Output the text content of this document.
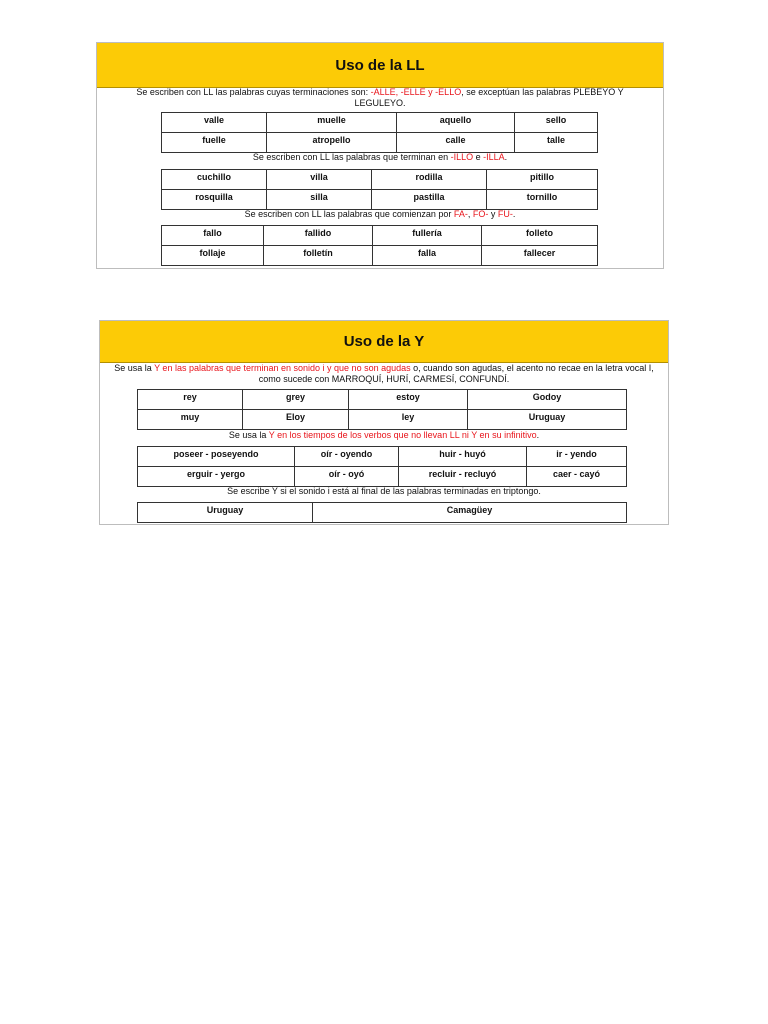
Uso de la LL

Se escriben con LL las palabras cuyas terminaciones son: -ALLE, -ELLE y -ELLO, se exceptúan las palabras PLEBEYO Y LEGULEYO.

valle	muelle	aquello	sello
fuelle	atropello	calle	talle

Se escriben con LL las palabras que terminan en -ILLO e -ILLA.

cuchillo	villa	rodilla	pitillo
rosquilla	silla	pastilla	tornillo

Se escriben con LL las palabras que comienzan por FA-, FO- y FU-.

fallo	fallido	fullería	folleto
follaje	folletín	falla	fallecer
Uso de la Y

Se usa la Y en las palabras que terminan en sonido i y que no son agudas o, cuando son agudas, el acento no recae en la letra vocal I, como sucede con MARROQUÍ, HURÍ, CARMESÍ, CONFUNDÍ.

rey	grey	estoy	Godoy
muy	Eloy	ley	Uruguay

Se usa la Y en los tiempos de los verbos que no llevan LL ni Y en su infinitivo.

poseer - poseyendo	oír - oyendo	huir - huyó	ir - yendo
erguir - yergo	oír - oyó	recluir - recluyó	caer - cayó

Se escribe Y si el sonido i está al final de las palabras terminadas en triptongo.

Uruguay	Camagüey
